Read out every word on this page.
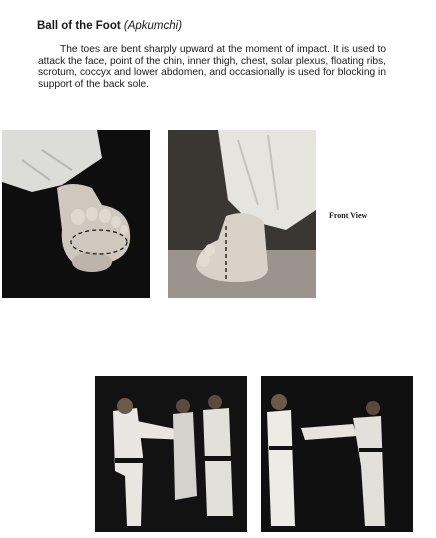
Ball of the Foot (Apkumchi)

The toes are bent sharply upward at the moment of impact. It is used to attack the face, point of the chin, inner thigh, chest, solar plexus, floating ribs, scrotum, coccyx and lower abdomen, and occasionally is used for blocking in support of the back sole.

Front View
